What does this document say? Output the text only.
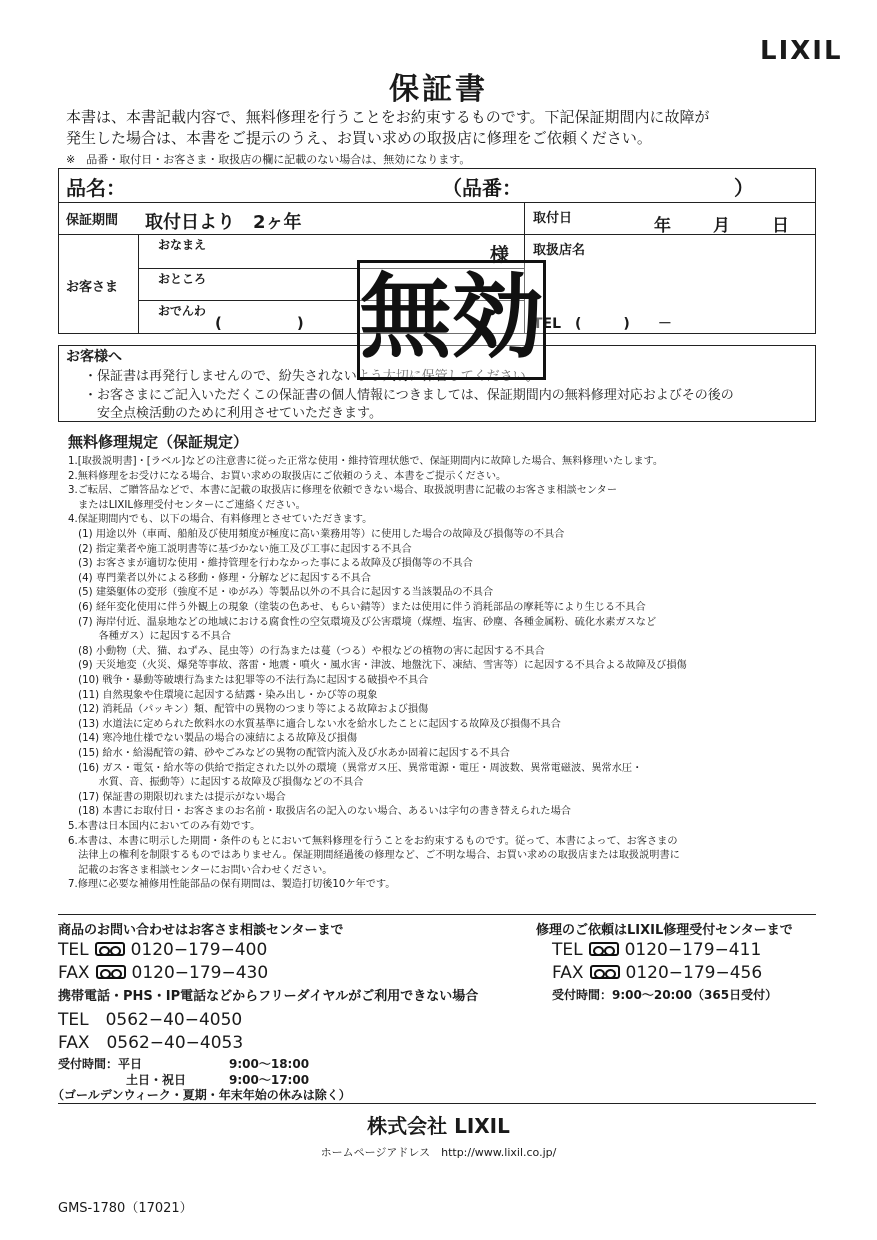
LIXIL
保証書
本書は、本書記載内容で、無料修理を行うことをお約束するものです。下記保証期間内に故障が
発生した場合は、本書をご提示のうえ、お買い求めの取扱店に修理をご依頼ください。
※　品番・取付日・お客さま・取扱店の欄に記載のない場合は、無効になります。
品名：	（品番：	）
保証期間 取付日より　2ヶ年	取付日	年 月 日
お客さま
おなまえ	様
おところ
おでんわ
(　　　　　)
取扱店名
TEL　(　　　)　　－
お客様へ
・保証書は再発行しませんので、紛失されないよう大切に保管してください。
・お客さまにご記入いただくこの保証書の個人情報につきましては、保証期間内の無料修理対応およびその後の
　安全点検活動のために利用させていただきます。
無効
無料修理規定（保証規定）
1.[取扱説明書]・[ラベル]などの注意書に従った正常な使用・維持管理状態で、保証期間内に故障した場合、無料修理いたします。
2.無料修理をお受けになる場合、お買い求めの取扱店にご依頼のうえ、本書をご提示ください。
3.ご転居、ご贈答品などで、本書に記載の取扱店に修理を依頼できない場合、取扱説明書に記載のお客さま相談センター
　またはLIXIL修理受付センターにご連絡ください。
4.保証期間内でも、以下の場合、有料修理とさせていただきます。
　(1) 用途以外（車両、船舶及び使用頻度が極度に高い業務用等）に使用した場合の故障及び損傷等の不具合
　(2) 指定業者や施工説明書等に基づかない施工及び工事に起因する不具合
　(3) お客さまが適切な使用・維持管理を行わなかった事による故障及び損傷等の不具合
　(4) 専門業者以外による移動・修理・分解などに起因する不具合
　(5) 建築躯体の変形（強度不足・ゆがみ）等製品以外の不具合に起因する当該製品の不具合
　(6) 経年変化使用に伴う外観上の現象（塗装の色あせ、もらい錆等）または使用に伴う消耗部品の摩耗等により生じる不具合
　(7) 海岸付近、温泉地などの地域における腐食性の空気環境及び公害環境（煤煙、塩害、砂塵、各種金属粉、硫化水素ガスなど
　　　各種ガス）に起因する不具合
　(8) 小動物（犬、猫、ねずみ、昆虫等）の行為または蔓（つる）や根などの植物の害に起因する不具合
　(9) 天災地変（火災、爆発等事故、落雷・地震・噴火・風水害・津波、地盤沈下、凍結、雪害等）に起因する不具合よる故障及び損傷
　(10) 戦争・暴動等破壊行為または犯罪等の不法行為に起因する破損や不具合
　(11) 自然現象や住環境に起因する結露・染み出し・かび等の現象
　(12) 消耗品（パッキン）類、配管中の異物のつまり等による故障および損傷
　(13) 水道法に定められた飲料水の水質基準に適合しない水を給水したことに起因する故障及び損傷不具合
　(14) 寒冷地仕様でない製品の場合の凍結による故障及び損傷
　(15) 給水・給湯配管の錆、砂やごみなどの異物の配管内流入及び水あか固着に起因する不具合
　(16) ガス・電気・給水等の供給で指定された以外の環境（異常ガス圧、異常電源・電圧・周波数、異常電磁波、異常水圧・
　　　水質、音、振動等）に起因する故障及び損傷などの不具合
　(17) 保証書の期限切れまたは提示がない場合
　(18) 本書にお取付日・お客さまのお名前・取扱店名の記入のない場合、あるいは字句の書き替えられた場合
5.本書は日本国内においてのみ有効です。
6.本書は、本書に明示した期間・条件のもとにおいて無料修理を行うことをお約束するものです。従って、本書によって、お客さまの
　法律上の権利を制限するものではありません。保証期間経過後の修理など、ご不明な場合、お買い求めの取扱店または取扱説明書に
　記載のお客さま相談センターにお問い合わせください。
7.修理に必要な補修用性能部品の保有期間は、製造打切後10ケ年です。
商品のお問い合わせはお客さま相談センターまで
TEL 0120−179−400
FAX 0120−179−430
携帯電話・PHS・IP電話などからフリーダイヤルがご利用できない場合
TEL　0562−40−4050
FAX　0562−40−4053
受付時間：平日	9:00〜18:00
土日・祝日	9:00〜17:00
（ゴールデンウィーク・夏期・年末年始の休みは除く）
修理のご依頼はLIXIL修理受付センターまで
TEL 0120−179−411
FAX 0120−179−456
受付時間：9:00〜20:00（365日受付）
株式会社 LIXIL
ホームページアドレス　http://www.lixil.co.jp/
GMS-1780（17021）
